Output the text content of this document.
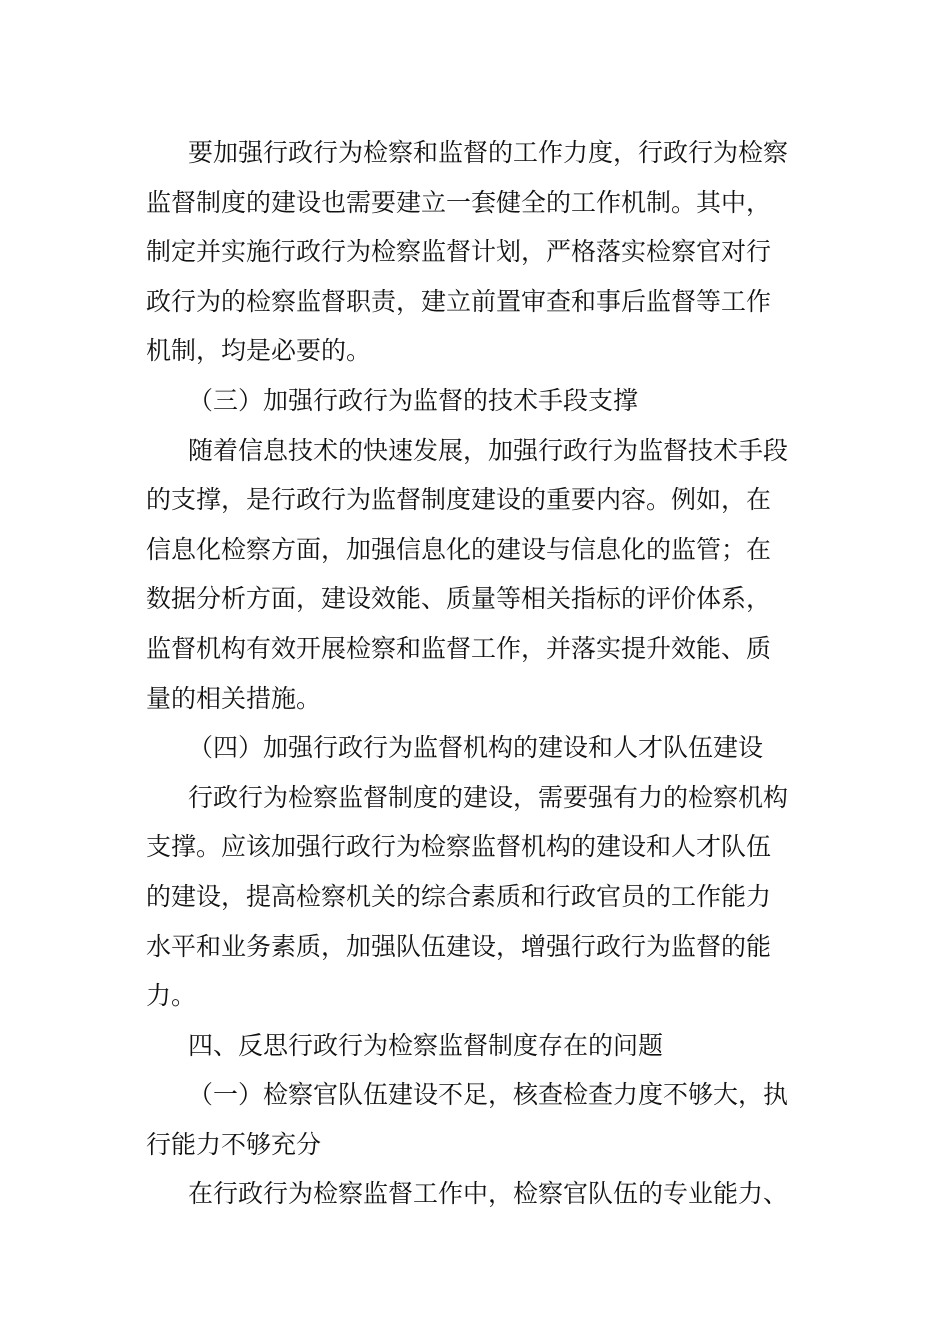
要加强行政行为检察和监督的工作力度，行政行为检察
监督制度的建设也需要建立一套健全的工作机制。其中，
制定并实施行政行为检察监督计划，严格落实检察官对行
政行为的检察监督职责，建立前置审查和事后监督等工作
机制，均是必要的。
（三）加强行政行为监督的技术手段支撑
随着信息技术的快速发展，加强行政行为监督技术手段
的支撑，是行政行为监督制度建设的重要内容。例如，在
信息化检察方面，加强信息化的建设与信息化的监管；在
数据分析方面，建设效能、质量等相关指标的评价体系，
监督机构有效开展检察和监督工作，并落实提升效能、质
量的相关措施。
（四）加强行政行为监督机构的建设和人才队伍建设
行政行为检察监督制度的建设，需要强有力的检察机构
支撑。应该加强行政行为检察监督机构的建设和人才队伍
的建设，提高检察机关的综合素质和行政官员的工作能力
水平和业务素质，加强队伍建设，增强行政行为监督的能
力。
四、反思行政行为检察监督制度存在的问题
（一）检察官队伍建设不足，核查检查力度不够大，执
行能力不够充分
在行政行为检察监督工作中，检察官队伍的专业能力、
